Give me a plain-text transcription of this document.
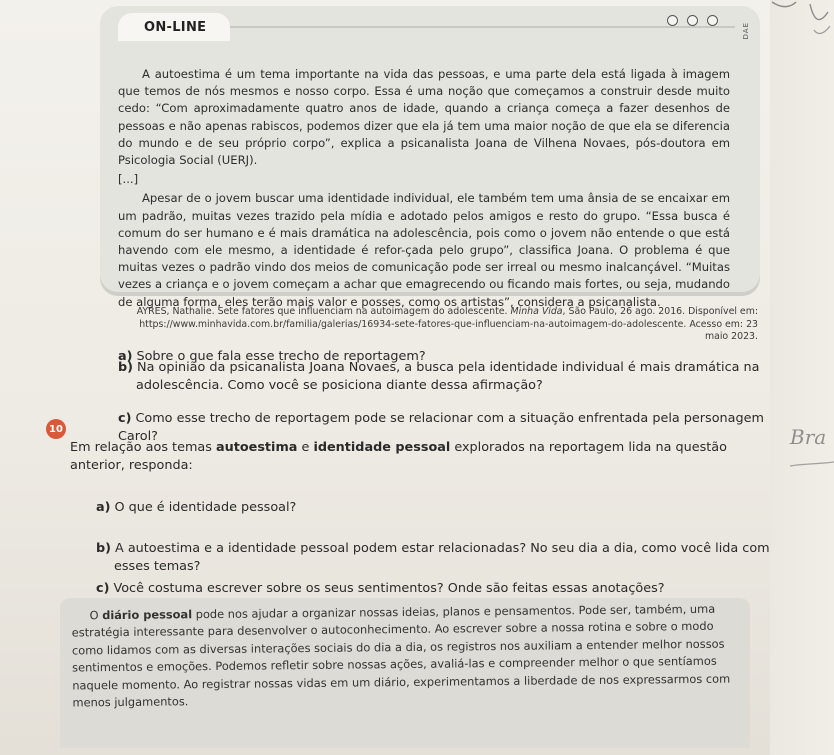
Bra
ON-LINE	DAE

A autoestima é um tema importante na vida das pessoas, e uma parte dela está ligada à imagem que temos de nós mesmos e nosso corpo. Essa é uma noção que começamos a construir desde muito cedo: “Com aproximadamente quatro anos de idade, quando a criança começa a fazer desenhos de pessoas e não apenas rabiscos, podemos dizer que ela já tem uma maior noção de que ela se diferencia do mundo e de seu próprio corpo”, explica a psicanalista Joana de Vilhena Novaes, pós-doutora em Psicologia Social (UERJ).

[...]

Apesar de o jovem buscar uma identidade individual, ele também tem uma ânsia de se encaixar em um padrão, muitas vezes trazido pela mídia e adotado pelos amigos e resto do grupo. “Essa busca é comum do ser humano e é mais dramática na adolescência, pois como o jovem não entende o que está havendo com ele mesmo, a identidade é refor-çada pelo grupo”, classifica Joana. O problema é que muitas vezes o padrão vindo dos meios de comunicação pode ser irreal ou mesmo inalcançável. “Muitas vezes a criança e o jovem começam a achar que emagrecendo ou ficando mais fortes, ou seja, mudando de alguma forma, eles terão mais valor e posses, como os artistas”, considera a psicanalista.

AYRES, Nathalie. Sete fatores que influenciam na autoimagem do adolescente. Minha Vida, São Paulo, 26 ago. 2016. Disponível em:
https://www.minhavida.com.br/familia/galerias/16934-sete-fatores-que-influenciam-na-autoimagem-do-adolescente. Acesso em: 23 maio 2023.
a) Sobre o que fala esse trecho de reportagem?
b) Na opinião da psicanalista Joana Novaes, a busca pela identidade individual é mais dramática na adolescência. Como você se posiciona diante dessa afirmação?
c) Como esse trecho de reportagem pode se relacionar com a situação enfrentada pela personagem Carol?
10
Em relação aos temas autoestima e identidade pessoal explorados na reportagem lida na questão anterior, responda:
a) O que é identidade pessoal?
b) A autoestima e a identidade pessoal podem estar relacionadas? No seu dia a dia, como você lida com esses temas?
c) Você costuma escrever sobre os seus sentimentos? Onde são feitas essas anotações?

O diário pessoal pode nos ajudar a organizar nossas ideias, planos e pensamentos. Pode ser, também, uma estratégia interessante para desenvolver o autoconhecimento. Ao escrever sobre a nossa rotina e sobre o modo como lidamos com as diversas interações sociais do dia a dia, os registros nos auxiliam a entender melhor nossos sentimentos e emoções. Podemos refletir sobre nossas ações, avaliá-las e compreender melhor o que sentíamos naquele momento. Ao registrar nossas vidas em um diário, experimentamos a liberdade de nos expressarmos com menos julgamentos.
